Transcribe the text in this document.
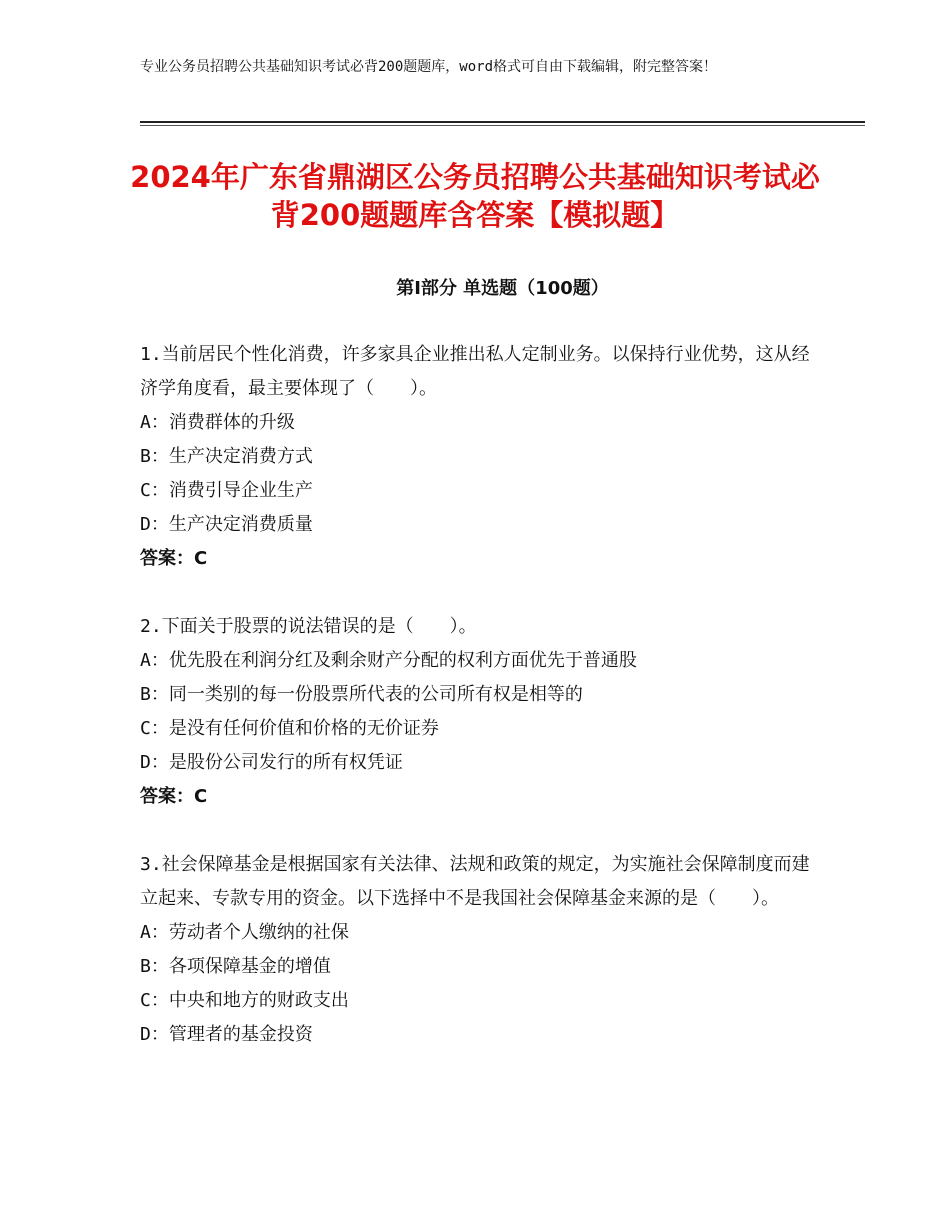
专业公务员招聘公共基础知识考试必背200题题库，word格式可自由下载编辑，附完整答案！
2024年广东省鼎湖区公务员招聘公共基础知识考试必背200题题库含答案【模拟题】
第Ⅰ部分 单选题（100题）

1.当前居民个性化消费，许多家具企业推出私人定制业务。以保持行业优势，这从经济学角度看，最主要体现了（　　）。

A：消费群体的升级

B：生产决定消费方式

C：消费引导企业生产

D：生产决定消费质量

答案：C

2.下面关于股票的说法错误的是（　　）。

A：优先股在利润分红及剩余财产分配的权利方面优先于普通股

B：同一类别的每一份股票所代表的公司所有权是相等的

C：是没有任何价值和价格的无价证券

D：是股份公司发行的所有权凭证

答案：C

3.社会保障基金是根据国家有关法律、法规和政策的规定，为实施社会保障制度而建立起来、专款专用的资金。以下选择中不是我国社会保障基金来源的是（　　）。

A：劳动者个人缴纳的社保

B：各项保障基金的增值

C：中央和地方的财政支出

D：管理者的基金投资
